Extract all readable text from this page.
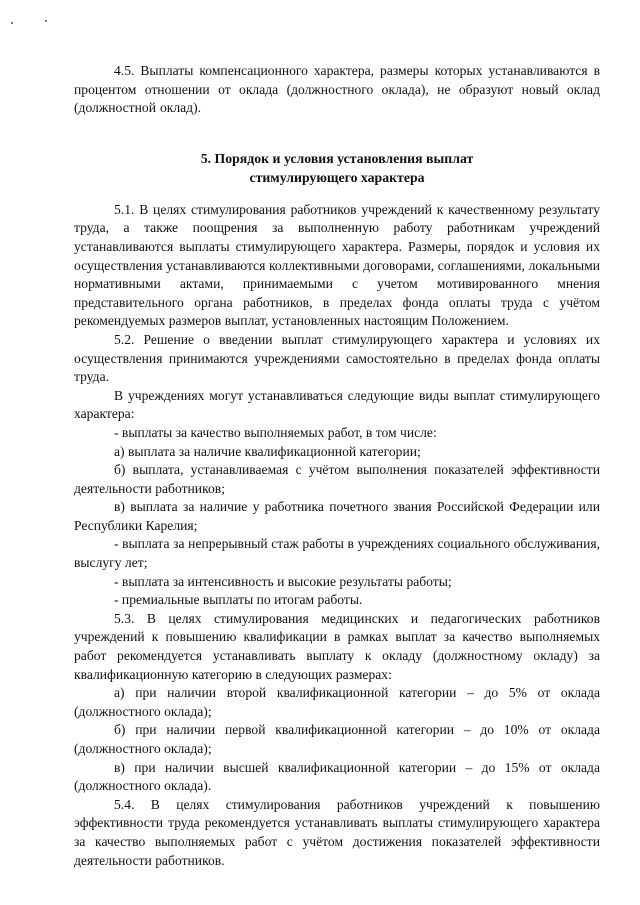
4.5. Выплаты компенсационного характера, размеры которых устанавливаются в процентом отношении от оклада (должностного оклада), не образуют новый оклад (должностной оклад).

5. Порядок и условия установления выплат
стимулирующего характера

5.1. В целях стимулирования работников учреждений к качественному результату труда, а также поощрения за выполненную работу работникам учреждений устанавливаются выплаты стимулирующего характера. Размеры, порядок и условия их осуществления устанавливаются коллективными договорами, соглашениями, локальными нормативными актами, принимаемыми с учетом мотивированного мнения представительного органа работников, в пределах фонда оплаты труда с учётом рекомендуемых размеров выплат, установленных настоящим Положением.

5.2. Решение о введении выплат стимулирующего характера и условиях их осуществления принимаются учреждениями самостоятельно в пределах фонда оплаты труда.

В учреждениях могут устанавливаться следующие виды выплат стимулирующего характера:

- выплаты за качество выполняемых работ, в том числе:

а) выплата за наличие квалификационной категории;

б) выплата, устанавливаемая с учётом выполнения показателей эффективности деятельности работников;

в) выплата за наличие у работника почетного звания Российской Федерации или Республики Карелия;

- выплата за непрерывный стаж работы в учреждениях социального обслуживания, выслугу лет;

- выплата за интенсивность и высокие результаты работы;

- премиальные выплаты по итогам работы.

5.3. В целях стимулирования медицинских и педагогических работников учреждений к повышению квалификации в рамках выплат за качество выполняемых работ рекомендуется устанавливать выплату к окладу (должностному окладу) за квалификационную категорию в следующих размерах:

а) при наличии второй квалификационной категории – до 5% от оклада (должностного оклада);

б) при наличии первой квалификационной категории – до 10% от оклада (должностного оклада);

в) при наличии высшей квалификационной категории – до 15% от оклада (должностного оклада).

5.4. В целях стимулирования работников учреждений к повышению эффективности труда рекомендуется устанавливать выплаты стимулирующего характера за качество выполняемых работ с учётом достижения показателей эффективности деятельности работников.
